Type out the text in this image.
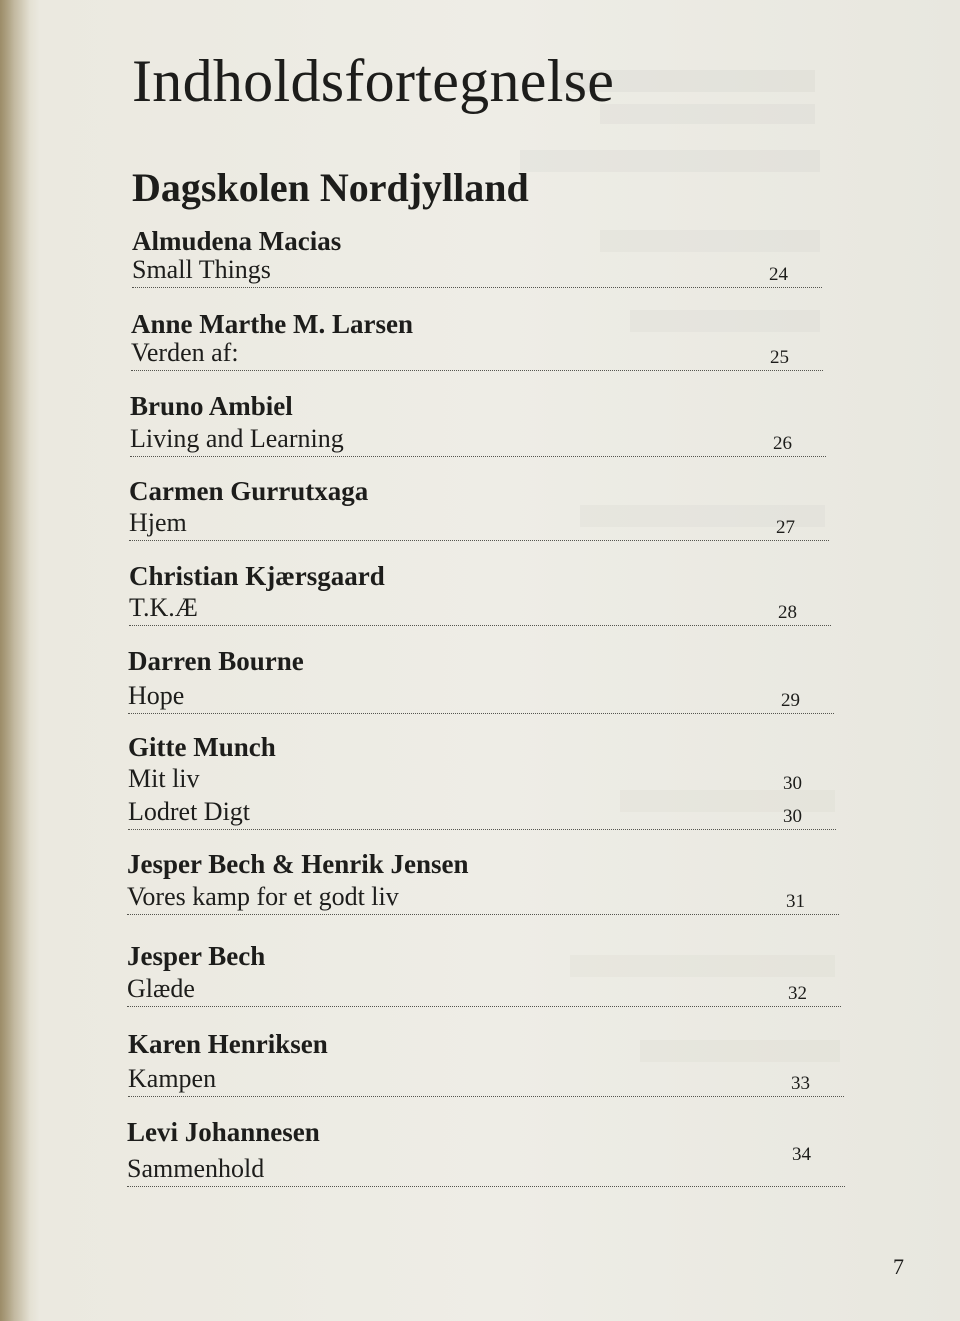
Indholdsfortegnelse
Dagskolen Nordjylland
Almudena Macias
Small Things	24
Anne Marthe M. Larsen
Verden af:	25
Bruno Ambiel
Living and Learning	26
Carmen Gurrutxaga
Hjem	27
Christian Kjærsgaard
T.K.Æ	28
Darren Bourne
Hope	29
Gitte Munch
Mit liv	30
Lodret Digt	30
Jesper Bech & Henrik Jensen
Vores kamp for et godt liv	31
Jesper Bech
Glæde	32
Karen Henriksen
Kampen	33
Levi Johannesen
Sammenhold	34
7
